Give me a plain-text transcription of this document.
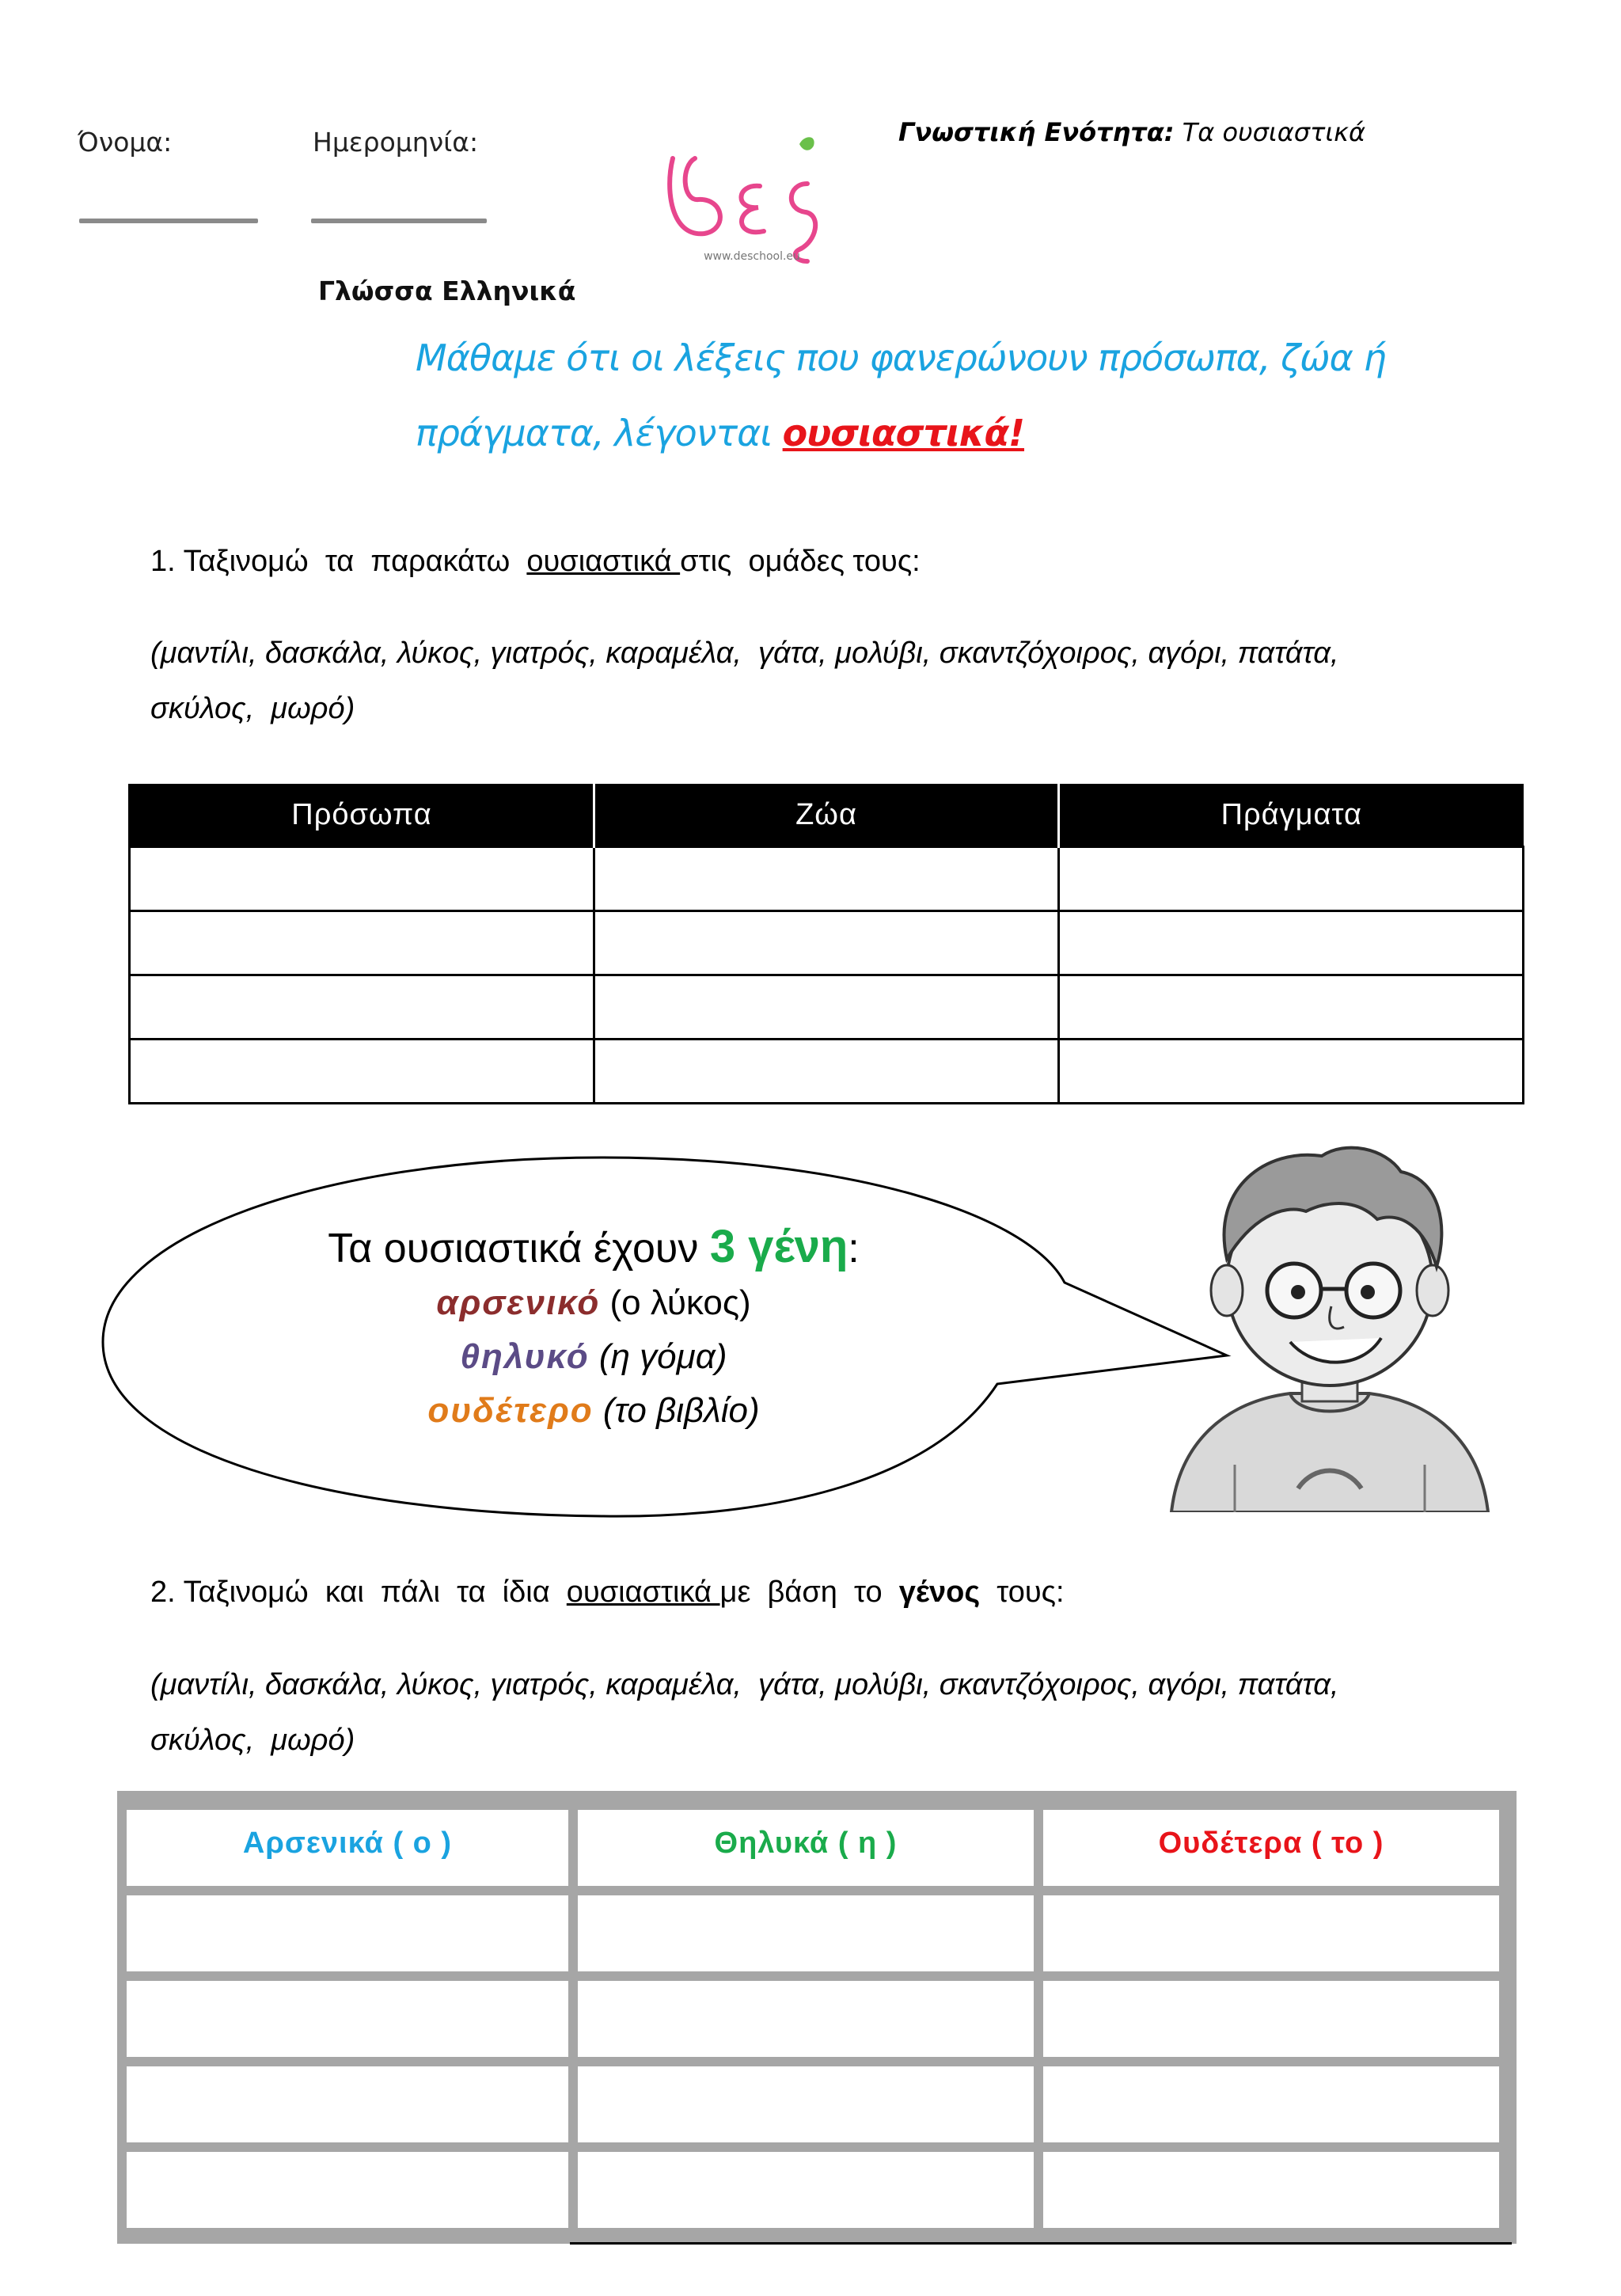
Όνομα:	Ημερομηνία:
Γλώσσα Ελληνικά
www.deschool.eu
Γνωστική Ενότητα: Τα ουσιαστικά
Μάθαμε ότι οι λέξεις που φανερώνουν πρόσωπα, ζώα ή
πράγματα, λέγονται ουσιαστικά!
1. Ταξινομώ  τα  παρακάτω  ουσιαστικά στις  ομάδες τους:
(μαντίλι, δασκάλα, λύκος, γιατρός, καραμέλα,  γάτα, μολύβι, σκαντζόχοιρος, αγόρι, πατάτα,
σκύλος,  μωρό)
Πρόσωπα	Ζώα	Πράγματα

Τα ουσιαστικά έχουν 3 γένη:
αρσενικό (ο λύκος)
θηλυκό (η γόμα)
ουδέτερο (το βιβλίο)
2. Ταξινομώ  και  πάλι  τα  ίδια  ουσιαστικά με  βάση  το  γένος  τους:
(μαντίλι, δασκάλα, λύκος, γιατρός, καραμέλα,  γάτα, μολύβι, σκαντζόχοιρος, αγόρι, πατάτα,
σκύλος,  μωρό)
Αρσενικά ( ο )	Θηλυκά ( η )	Ουδέτερα ( το )
